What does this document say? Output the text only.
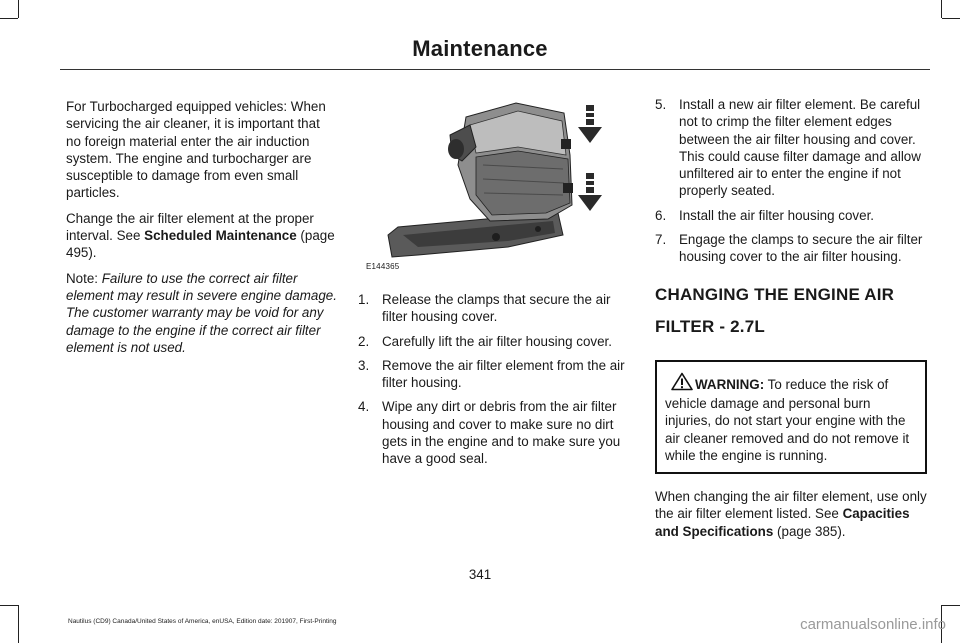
Maintenance

For Turbocharged equipped vehicles: When servicing the air cleaner, it is important that no foreign material enter the air induction system. The engine and turbocharger are susceptible to damage from even small particles.

Change the air filter element at the proper interval. See Scheduled Maintenance (page 495).

Note: Failure to use the correct air filter element may result in severe engine damage. The customer warranty may be void for any damage to the engine if the correct air filter element is not used.

E144365
1. Release the clamps that secure the air filter housing cover.
2. Carefully lift the air filter housing cover.
3. Remove the air filter element from the air filter housing.
4. Wipe any dirt or debris from the air filter housing and cover to make sure no dirt gets in the engine and to make sure you have a good seal.
5. Install a new air filter element. Be careful not to crimp the filter element edges between the air filter housing and cover. This could cause filter damage and allow unfiltered air to enter the engine if not properly seated.
6. Install the air filter housing cover.
7. Engage the clamps to secure the air filter housing cover to the air filter housing.
CHANGING THE ENGINE AIR
FILTER - 2.7L
WARNING: To reduce the risk of vehicle damage and personal burn injuries, do not start your engine with the air cleaner removed and do not remove it while the engine is running.

When changing the air filter element, use only the air filter element listed. See Capacities and Specifications (page 385).

341
Nautilus (CD9) Canada/United States of America, enUSA, Edition date: 201907, First-Printing	carmanualsonline.info
